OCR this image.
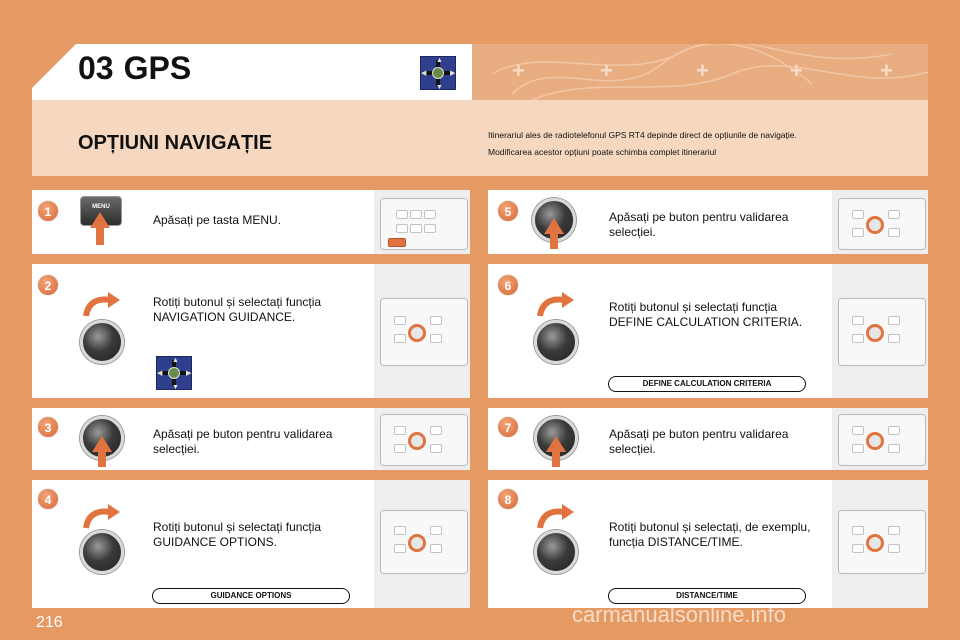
03 GPS	▲
▼
◀	▶	+	+	+	+	+
OPȚIUNI NAVIGAȚIE	Itinerariul ales de radiotelefonul GPS RT4 depinde direct de opțiunile de navigație.
Modificarea acestor opțiuni poate schimba complet itinerariul
1	MENU
Apăsați pe tasta MENU.
2
▲
▼
◀	▶
Rotiți butonul și selectați funcția NAVIGATION GUIDANCE.
3	Apăsați pe buton pentru validarea selecției.
4
Rotiți butonul și selectați funcția GUIDANCE OPTIONS.
GUIDANCE OPTIONS
5	Apăsați pe buton pentru validarea selecției.
6
Rotiți butonul și selectați funcția DEFINE CALCULATION CRITERIA.
DEFINE CALCULATION CRITERIA
7	Apăsați pe buton pentru validarea selecției.
8
Rotiți butonul și selectați, de exemplu, funcția DISTANCE/TIME.
DISTANCE/TIME
216	carmanualsonline.info
